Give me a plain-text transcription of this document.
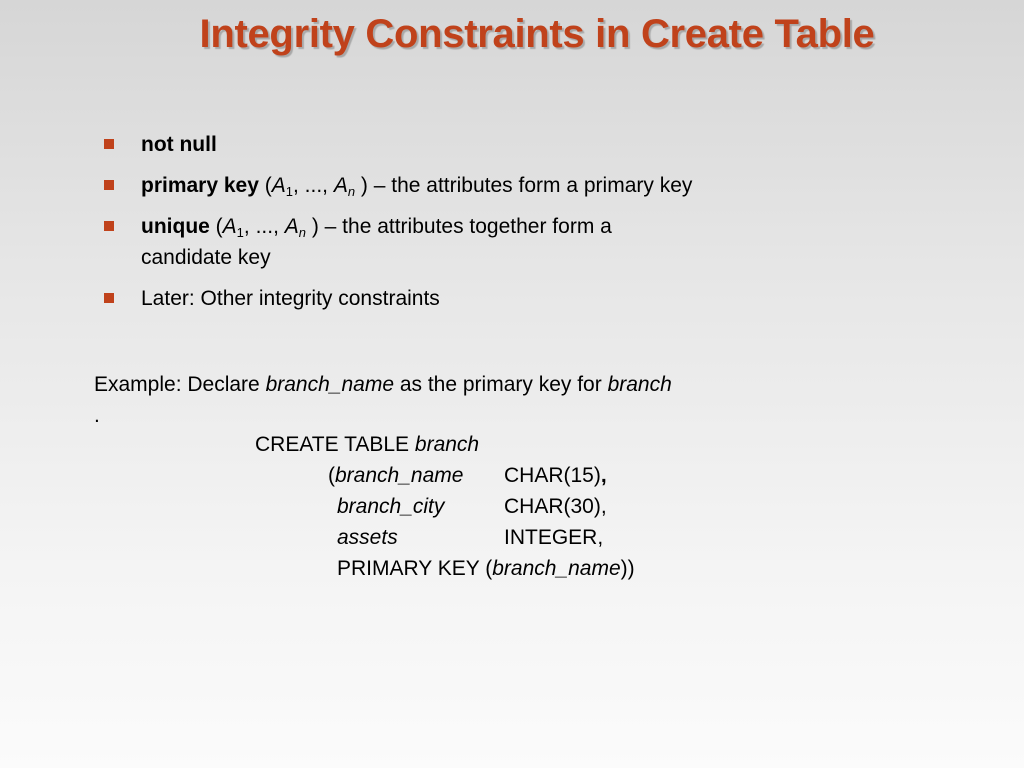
Integrity Constraints in Create Table
not null
primary key ($A_1$, ..., $A_n$ ) – the attributes form a primary key
unique ($A_1$, ..., $A_n$ ) – the attributes together form a
candidate key
Later: Other integrity constraints
Example: Declare branch_name as the primary key for branch
.
CREATE TABLE branch
(branch_name CHAR(15),
branch_city	CHAR(30),
assets	INTEGER,
PRIMARY KEY (branch_name))
